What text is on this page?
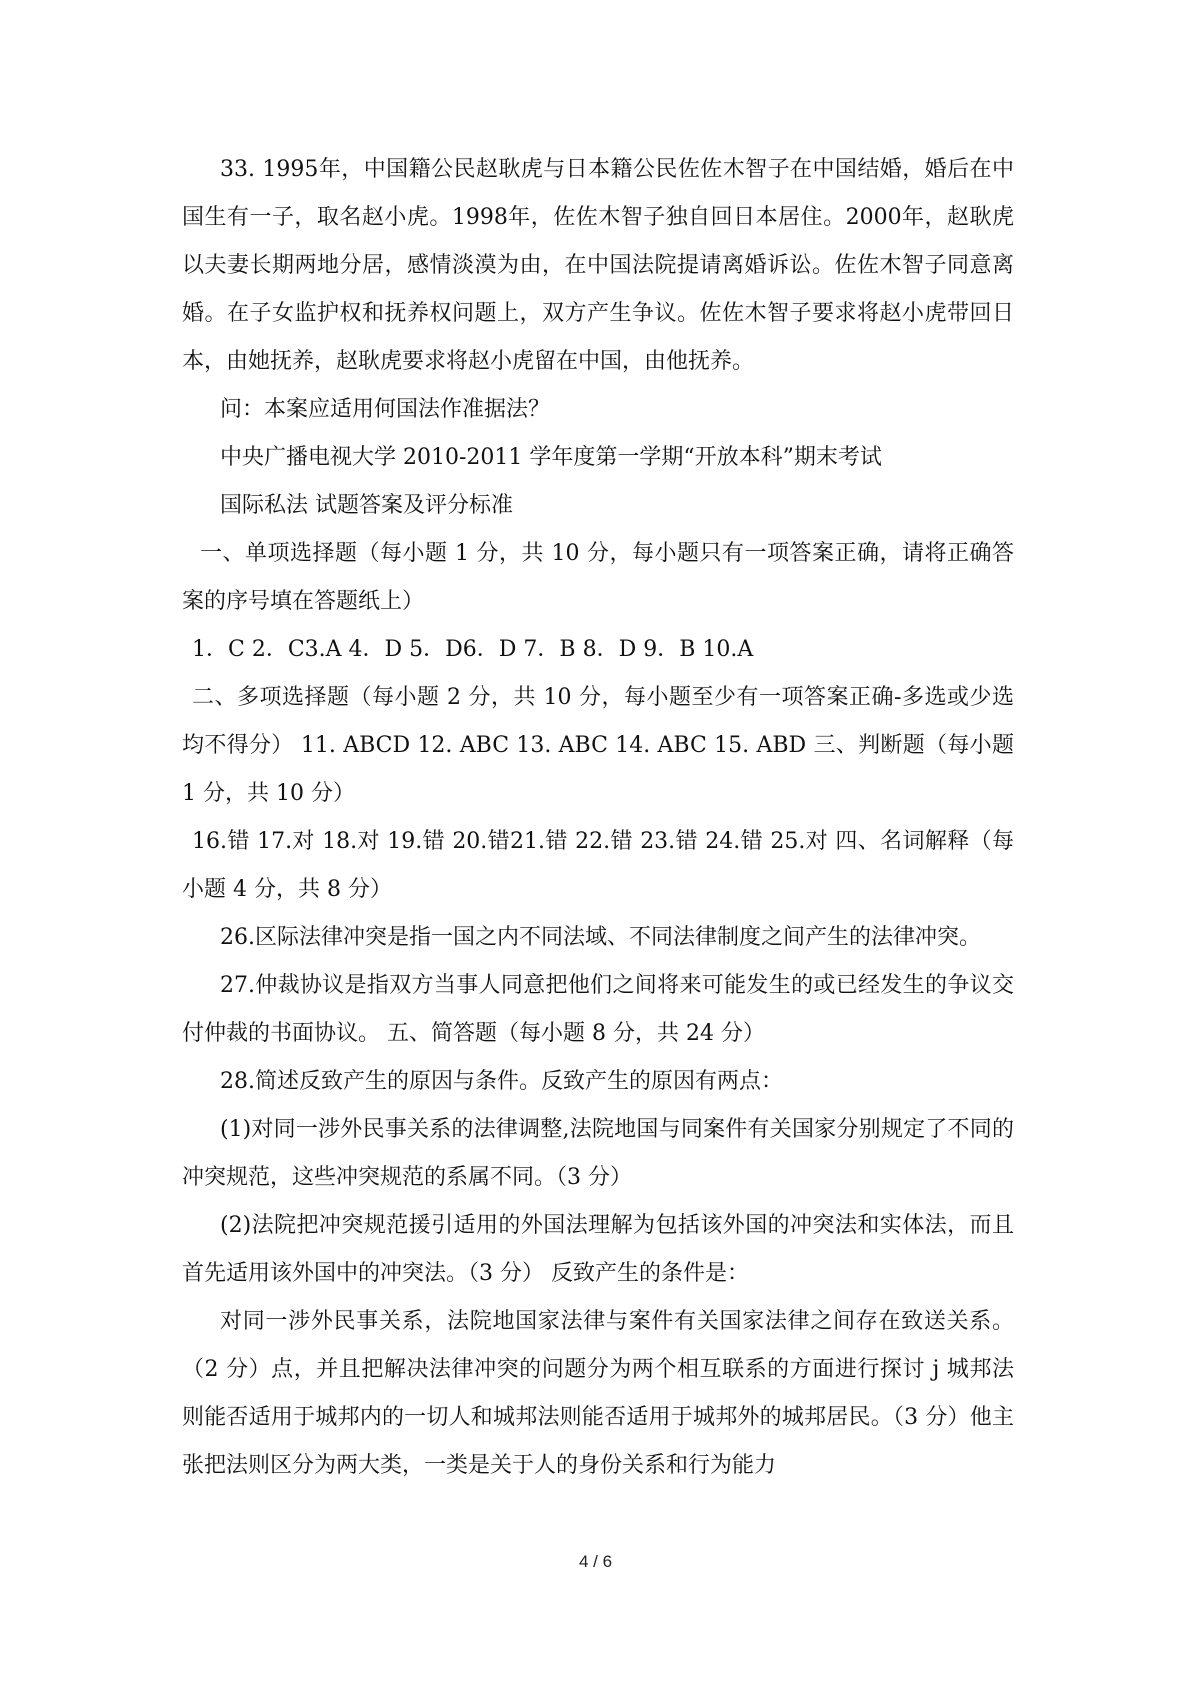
33. 1995年，中国籍公民赵耿虎与日本籍公民佐佐木智子在中国结婚，婚后在中国生有一子，取名赵小虎。1998年，佐佐木智子独自回日本居住。2000年，赵耿虎以夫妻长期两地分居，感情淡漠为由，在中国法院提请离婚诉讼。佐佐木智子同意离婚。在子女监护权和抚养权问题上，双方产生争议。佐佐木智子要求将赵小虎带回日本，由她抚养，赵耿虎要求将赵小虎留在中国，由他抚养。

问：本案应适用何国法作准据法？

中央广播电视大学 2010-2011 学年度第一学期“开放本科”期末考试

国际私法 试题答案及评分标准

一、单项选择题（每小题 1 分，共 10 分，每小题只有一项答案正确，请将正确答案的序号填在答题纸上）

1．C 2．C3.A 4．D 5．D6．D 7．B 8．D 9．B 10.A

二、多项选择题（每小题 2 分，共 10 分，每小题至少有一项答案正确-多选或少选均不得分） 11. ABCD 12. ABC 13. ABC 14. ABC 15. ABD 三、判断题（每小题 1 分，共 10 分）

16.错 17.对 18.对 19.错 20.错21.错 22.错 23.错 24.错 25.对 四、名词解释（每小题 4 分，共 8 分）

26.区际法律冲突是指一国之内不同法域、不同法律制度之间产生的法律冲突。

27.仲裁协议是指双方当事人同意把他们之间将来可能发生的或已经发生的争议交付仲裁的书面协议。 五、简答题（每小题 8 分，共 24 分）

28.简述反致产生的原因与条件。反致产生的原因有两点：

(1)对同一涉外民事关系的法律调整,法院地国与同案件有关国家分别规定了不同的冲突规范，这些冲突规范的系属不同。（3 分）

(2)法院把冲突规范援引适用的外国法理解为包括该外国的冲突法和实体法，而且首先适用该外国中的冲突法。（3 分） 反致产生的条件是：

对同一涉外民事关系，法院地国家法律与案件有关国家法律之间存在致送关系。（2 分）点，并且把解决法律冲突的问题分为两个相互联系的方面进行探讨 j 城邦法则能否适用于城邦内的一切人和城邦法则能否适用于城邦外的城邦居民。（3 分）他主张把法则区分为两大类，一类是关于人的身份关系和行为能力

4 / 6
